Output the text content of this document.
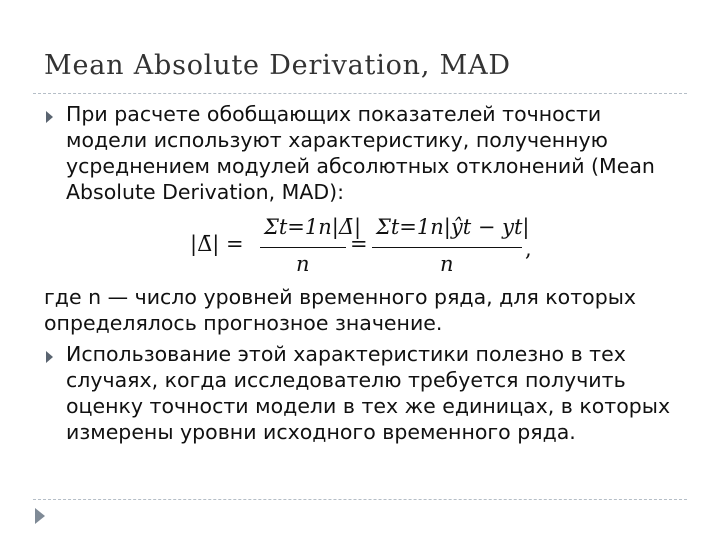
Mean Absolute Derivation, MAD
При расчете обобщающих показателей точности
модели используют характеристику, полученную
усреднением модулей абсолютных отклонений (Mean
Absolute Derivation, MAD):
|Δ̄| =
Σt=1n|Δ̄|
n
=
Σt=1n|ŷt − yt|
n
,
где n — число уровней временного ряда, для которых
определялось прогнозное значение.
Использование этой характеристики полезно в тех
случаях, когда исследователю требуется получить
оценку точности модели в тех же единицах, в которых
измерены уровни исходного временного ряда.
